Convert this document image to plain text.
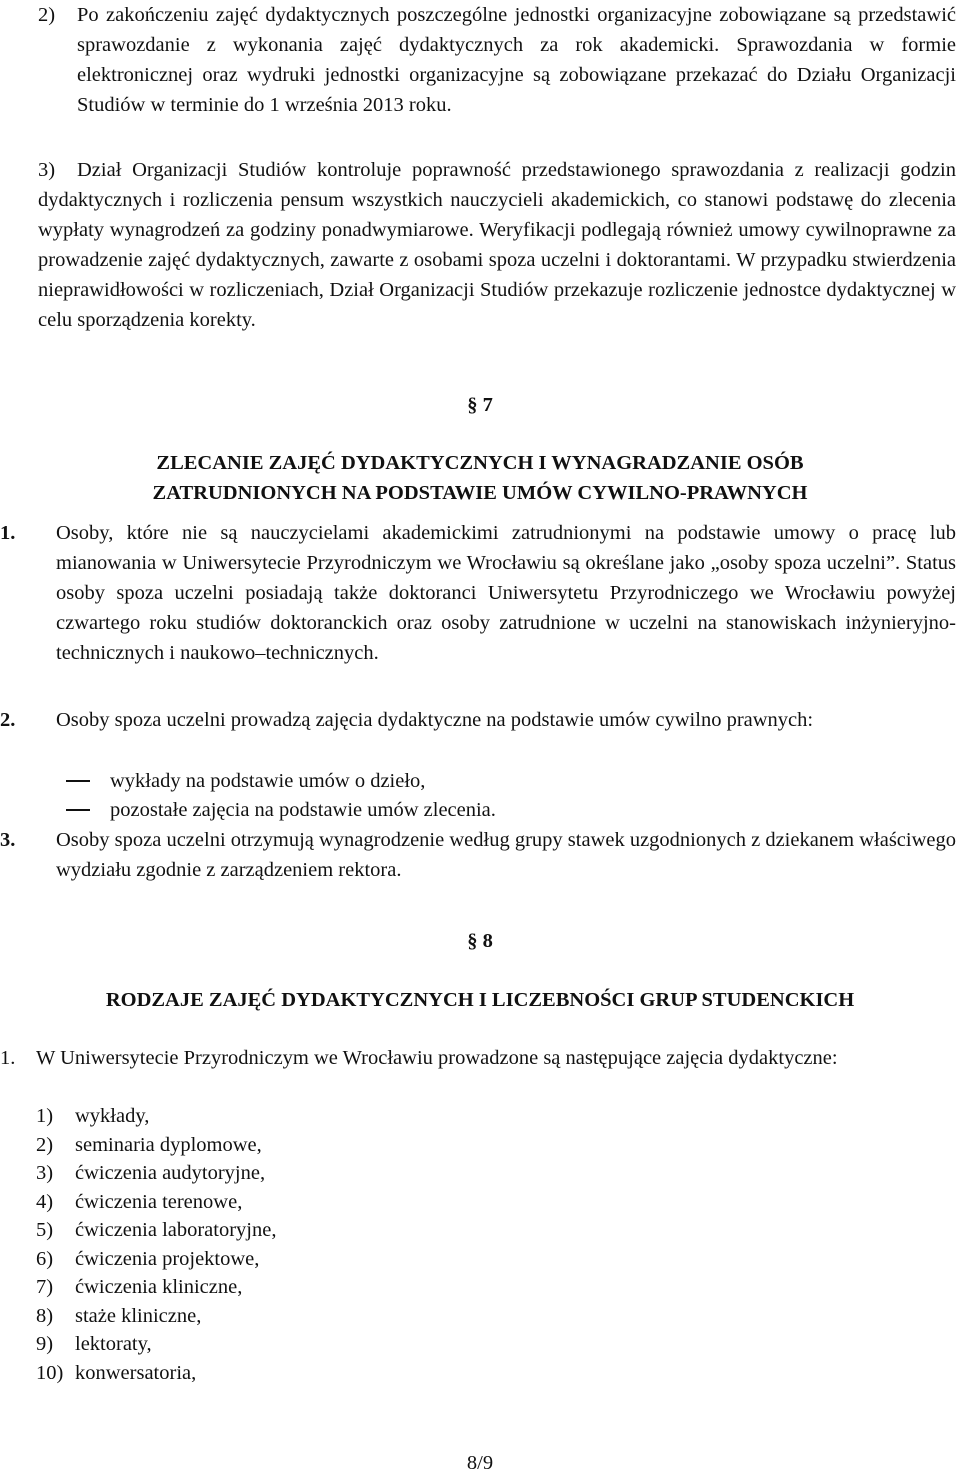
2) Po zakończeniu zajęć dydaktycznych poszczególne jednostki organizacyjne zobowiązane są przedstawić sprawozdanie z wykonania zajęć dydaktycznych za rok akademicki. Sprawozdania w formie elektronicznej oraz wydruki jednostki organizacyjne są zobowiązane przekazać do Działu Organizacji Studiów w terminie do 1 września 2013 roku.

3)	Dział Organizacji Studiów kontroluje poprawność przedstawionego sprawozdania z realizacji godzin dydaktycznych i rozliczenia pensum wszystkich nauczycieli akademickich, co stanowi podstawę do zlecenia wypłaty wynagrodzeń za godziny ponadwymiarowe. Weryfikacji podlegają również umowy cywilnoprawne za prowadzenie zajęć dydaktycznych, zawarte z osobami spoza uczelni i doktorantami. W przypadku stwierdzenia nieprawidłowości w rozliczeniach, Dział Organizacji Studiów przekazuje rozliczenie jednostce dydaktycznej w celu sporządzenia korekty.

§ 7
ZLECANIE ZAJĘĆ DYDAKTYCZNYCH I WYNAGRADZANIE OSÓB
ZATRUDNIONYCH NA PODSTAWIE UMÓW CYWILNO-PRAWNYCH
1. Osoby, które nie są nauczycielami akademickimi zatrudnionymi na podstawie umowy o pracę lub mianowania w Uniwersytecie Przyrodniczym we Wrocławiu są określane jako „osoby spoza uczelni”. Status osoby spoza uczelni posiadają także doktoranci Uniwersytetu Przyrodniczego we Wrocławiu powyżej czwartego roku studiów doktoranckich oraz osoby zatrudnione w uczelni na stanowiskach inżynieryjno-technicznych i naukowo–technicznych.

2. Osoby spoza uczelni prowadzą zajęcia dydaktyczne na podstawie umów cywilno prawnych:

wykłady na podstawie umów o dzieło,
pozostałe zajęcia na podstawie umów zlecenia.
3. Osoby spoza uczelni otrzymują wynagrodzenie według grupy stawek uzgodnionych z dziekanem właściwego wydziału zgodnie z zarządzeniem rektora.

§ 8
RODZAJE ZAJĘĆ DYDAKTYCZNYCH I LICZEBNOŚCI GRUP STUDENCKICH
1. W Uniwersytecie Przyrodniczym we Wrocławiu prowadzone są następujące zajęcia dydaktyczne:

1) wykłady,
2) seminaria dyplomowe,
3) ćwiczenia audytoryjne,
4) ćwiczenia terenowe,
5) ćwiczenia laboratoryjne,
6) ćwiczenia projektowe,
7) ćwiczenia kliniczne,
8) staże kliniczne,
9) lektoraty,
10) konwersatoria,
8/9
